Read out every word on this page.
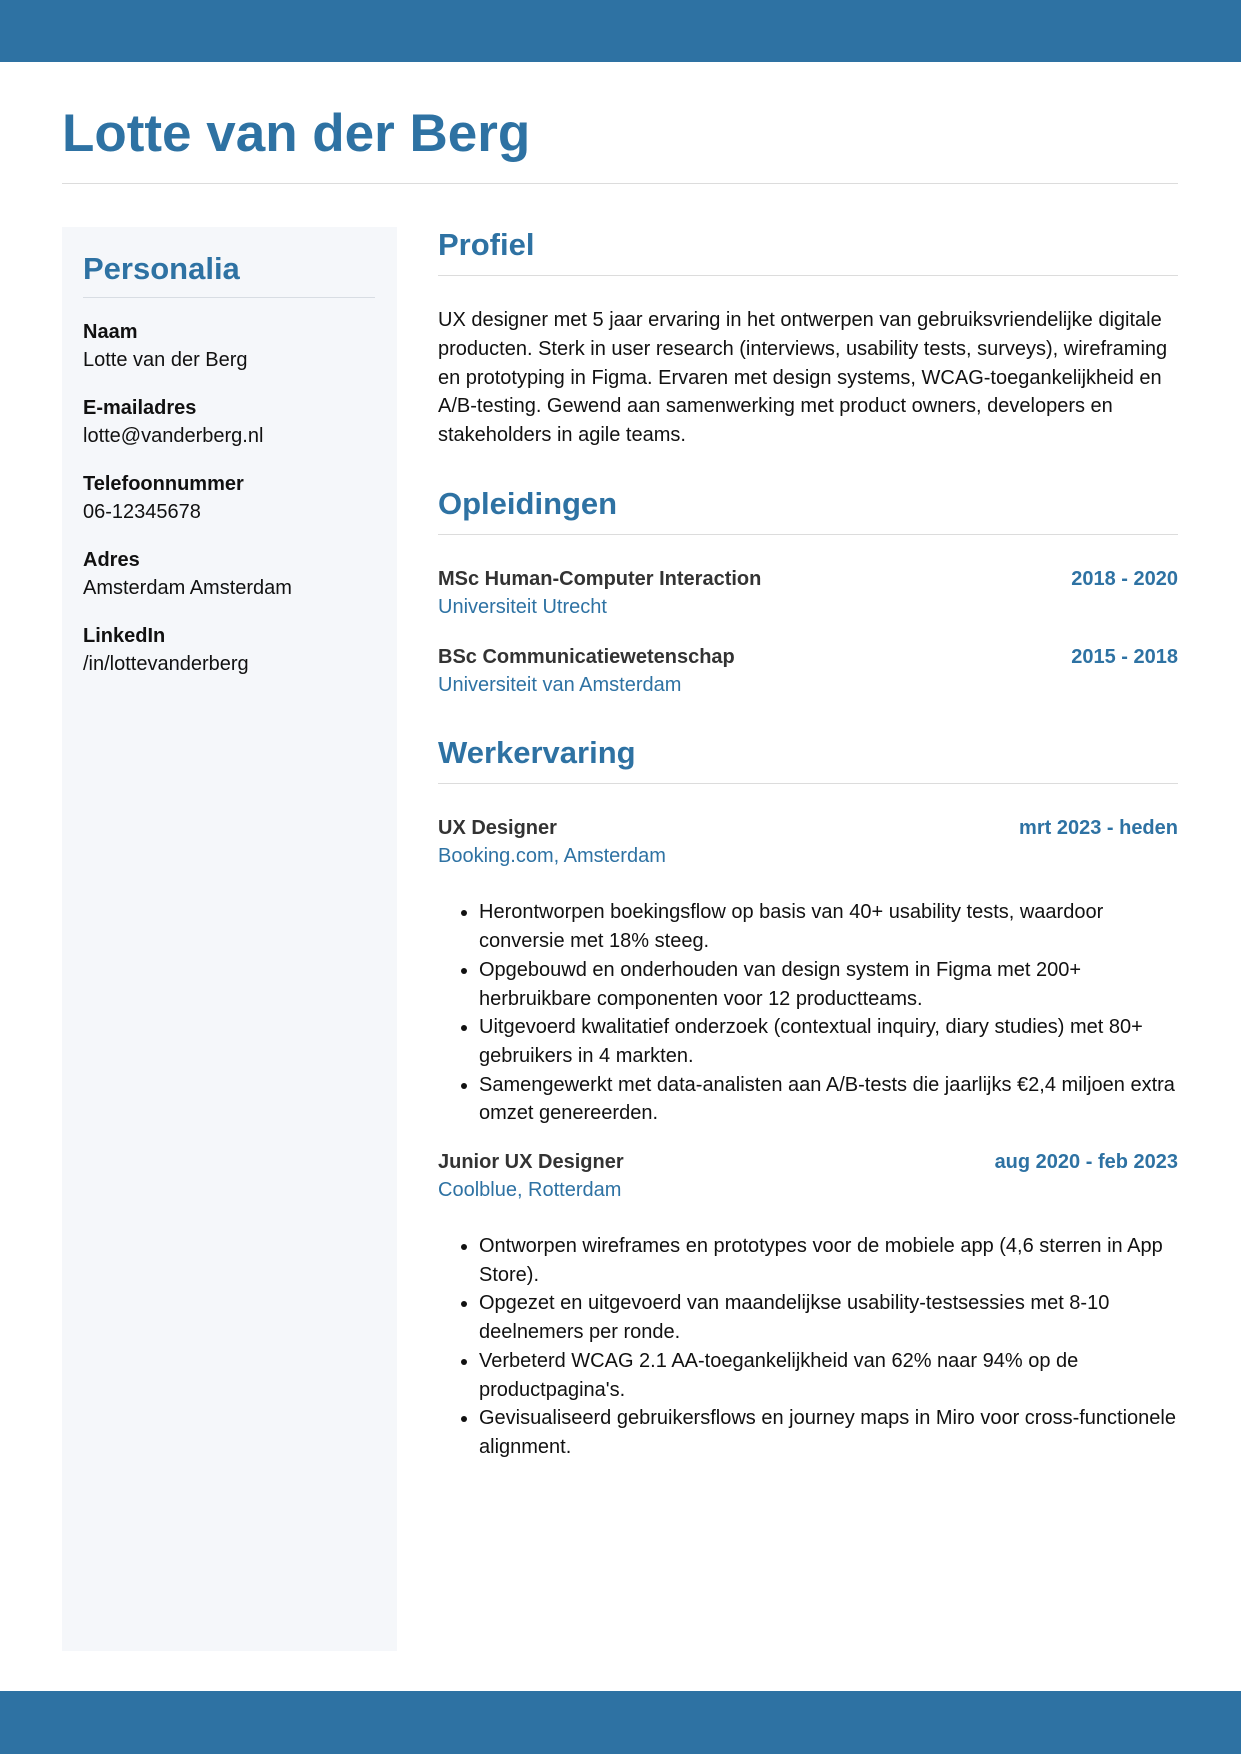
Lotte van der Berg
Personalia
Naam
Lotte van der Berg
E-mailadres
lotte@vanderberg.nl
Telefoonnummer
06-12345678
Adres
Amsterdam Amsterdam
LinkedIn
/in/lottevanderberg
Profiel

UX designer met 5 jaar ervaring in het ontwerpen van gebruiksvriendelijke digitale producten. Sterk in user research (interviews, usability tests, surveys), wireframing en prototyping in Figma. Ervaren met design systems, WCAG-toegankelijkheid en A/B-testing. Gewend aan samenwerking met product owners, developers en stakeholders in agile teams.

Opleidingen
MSc Human-Computer Interaction	2018 - 2020
Universiteit Utrecht
BSc Communicatiewetenschap	2015 - 2018
Universiteit van Amsterdam
Werkervaring
UX Designer	mrt 2023 - heden
Booking.com, Amsterdam
• Herontworpen boekingsflow op basis van 40+ usability tests, waardoor conversie met 18% steeg.
• Opgebouwd en onderhouden van design system in Figma met 200+ herbruikbare componenten voor 12 productteams.
• Uitgevoerd kwalitatief onderzoek (contextual inquiry, diary studies) met 80+ gebruikers in 4 markten.
• Samengewerkt met data-analisten aan A/B-tests die jaarlijks €2,4 miljoen extra omzet genereerden.
Junior UX Designer	aug 2020 - feb 2023
Coolblue, Rotterdam
• Ontworpen wireframes en prototypes voor de mobiele app (4,6 sterren in App Store).
• Opgezet en uitgevoerd van maandelijkse usability-testsessies met 8-10 deelnemers per ronde.
• Verbeterd WCAG 2.1 AA-toegankelijkheid van 62% naar 94% op de productpagina's.
• Gevisualiseerd gebruikersflows en journey maps in Miro voor cross-functionele alignment.
